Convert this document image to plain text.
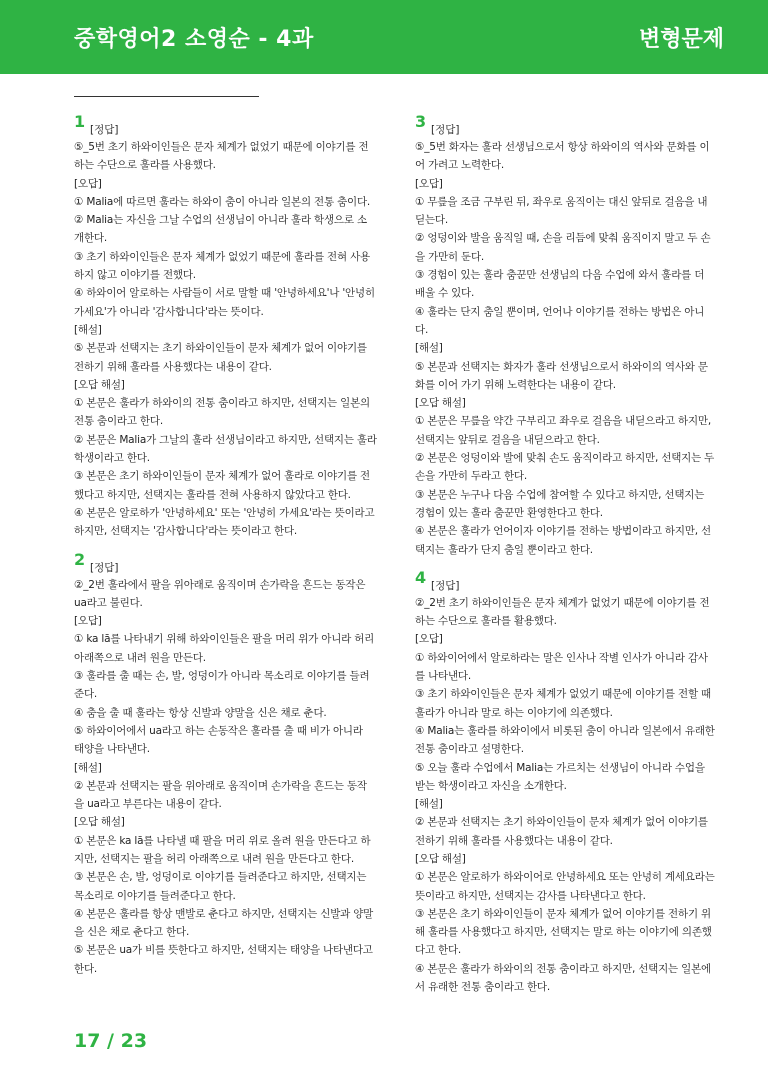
중학영어2 소영순 - 4과	변형문제
1 [정답]
⑤_5번 초기 하와이인들은 문자 체계가 없었기 때문에 이야기를 전
하는 수단으로 훌라를 사용했다.
[오답]
① Malia에 따르면 훌라는 하와이 춤이 아니라 일본의 전통 춤이다.
② Malia는 자신을 그날 수업의 선생님이 아니라 훌라 학생으로 소
개한다.
③ 초기 하와이인들은 문자 체계가 없었기 때문에 훌라를 전혀 사용
하지 않고 이야기를 전했다.
④ 하와이어 알로하는 사람들이 서로 말할 때 '안녕하세요'나 '안녕히
가세요'가 아니라 '감사합니다'라는 뜻이다.
[해설]
⑤ 본문과 선택지는 초기 하와이인들이 문자 체계가 없어 이야기를
전하기 위해 훌라를 사용했다는 내용이 같다.
[오답 해설]
① 본문은 훌라가 하와이의 전통 춤이라고 하지만, 선택지는 일본의
전통 춤이라고 한다.
② 본문은 Malia가 그날의 훌라 선생님이라고 하지만, 선택지는 훌라
학생이라고 한다.
③ 본문은 초기 하와이인들이 문자 체계가 없어 훌라로 이야기를 전
했다고 하지만, 선택지는 훌라를 전혀 사용하지 않았다고 한다.
④ 본문은 알로하가 '안녕하세요' 또는 '안녕히 가세요'라는 뜻이라고
하지만, 선택지는 '감사합니다'라는 뜻이라고 한다.
2 [정답]
②_2번 훌라에서 팔을 위아래로 움직이며 손가락을 흔드는 동작은
ua라고 불린다.
[오답]
① ka lā를 나타내기 위해 하와이인들은 팔을 머리 위가 아니라 허리
아래쪽으로 내려 원을 만든다.
③ 훌라를 출 때는 손, 발, 엉덩이가 아니라 목소리로 이야기를 들려
준다.
④ 춤을 출 때 훌라는 항상 신발과 양말을 신은 채로 춘다.
⑤ 하와이어에서 ua라고 하는 손동작은 훌라를 출 때 비가 아니라
태양을 나타낸다.
[해설]
② 본문과 선택지는 팔을 위아래로 움직이며 손가락을 흔드는 동작
을 ua라고 부른다는 내용이 같다.
[오답 해설]
① 본문은 ka lā를 나타낼 때 팔을 머리 위로 올려 원을 만든다고 하
지만, 선택지는 팔을 허리 아래쪽으로 내려 원을 만든다고 한다.
③ 본문은 손, 발, 엉덩이로 이야기를 들려준다고 하지만, 선택지는
목소리로 이야기를 들려준다고 한다.
④ 본문은 훌라를 항상 맨발로 춘다고 하지만, 선택지는 신발과 양말
을 신은 채로 춘다고 한다.
⑤ 본문은 ua가 비를 뜻한다고 하지만, 선택지는 태양을 나타낸다고
한다.
3 [정답]
⑤_5번 화자는 훌라 선생님으로서 항상 하와이의 역사와 문화를 이
어 가려고 노력한다.
[오답]
① 무릎을 조금 구부린 뒤, 좌우로 움직이는 대신 앞뒤로 걸음을 내
딛는다.
② 엉덩이와 발을 움직일 때, 손을 리듬에 맞춰 움직이지 말고 두 손
을 가만히 둔다.
③ 경험이 있는 훌라 춤꾼만 선생님의 다음 수업에 와서 훌라를 더
배울 수 있다.
④ 훌라는 단지 춤일 뿐이며, 언어나 이야기를 전하는 방법은 아니
다.
[해설]
⑤ 본문과 선택지는 화자가 훌라 선생님으로서 하와이의 역사와 문
화를 이어 가기 위해 노력한다는 내용이 같다.
[오답 해설]
① 본문은 무릎을 약간 구부리고 좌우로 걸음을 내딛으라고 하지만,
선택지는 앞뒤로 걸음을 내딛으라고 한다.
② 본문은 엉덩이와 발에 맞춰 손도 움직이라고 하지만, 선택지는 두
손을 가만히 두라고 한다.
③ 본문은 누구나 다음 수업에 참여할 수 있다고 하지만, 선택지는
경험이 있는 훌라 춤꾼만 환영한다고 한다.
④ 본문은 훌라가 언어이자 이야기를 전하는 방법이라고 하지만, 선
택지는 훌라가 단지 춤일 뿐이라고 한다.
4 [정답]
②_2번 초기 하와이인들은 문자 체계가 없었기 때문에 이야기를 전
하는 수단으로 훌라를 활용했다.
[오답]
① 하와이어에서 알로하라는 말은 인사나 작별 인사가 아니라 감사
를 나타낸다.
③ 초기 하와이인들은 문자 체계가 없었기 때문에 이야기를 전할 때
훌라가 아니라 말로 하는 이야기에 의존했다.
④ Malia는 훌라를 하와이에서 비롯된 춤이 아니라 일본에서 유래한
전통 춤이라고 설명한다.
⑤ 오늘 훌라 수업에서 Malia는 가르치는 선생님이 아니라 수업을
받는 학생이라고 자신을 소개한다.
[해설]
② 본문과 선택지는 초기 하와이인들이 문자 체계가 없어 이야기를
전하기 위해 훌라를 사용했다는 내용이 같다.
[오답 해설]
① 본문은 알로하가 하와이어로 안녕하세요 또는 안녕히 계세요라는
뜻이라고 하지만, 선택지는 감사를 나타낸다고 한다.
③ 본문은 초기 하와이인들이 문자 체계가 없어 이야기를 전하기 위
해 훌라를 사용했다고 하지만, 선택지는 말로 하는 이야기에 의존했
다고 한다.
④ 본문은 훌라가 하와이의 전통 춤이라고 하지만, 선택지는 일본에
서 유래한 전통 춤이라고 한다.
17 / 23
